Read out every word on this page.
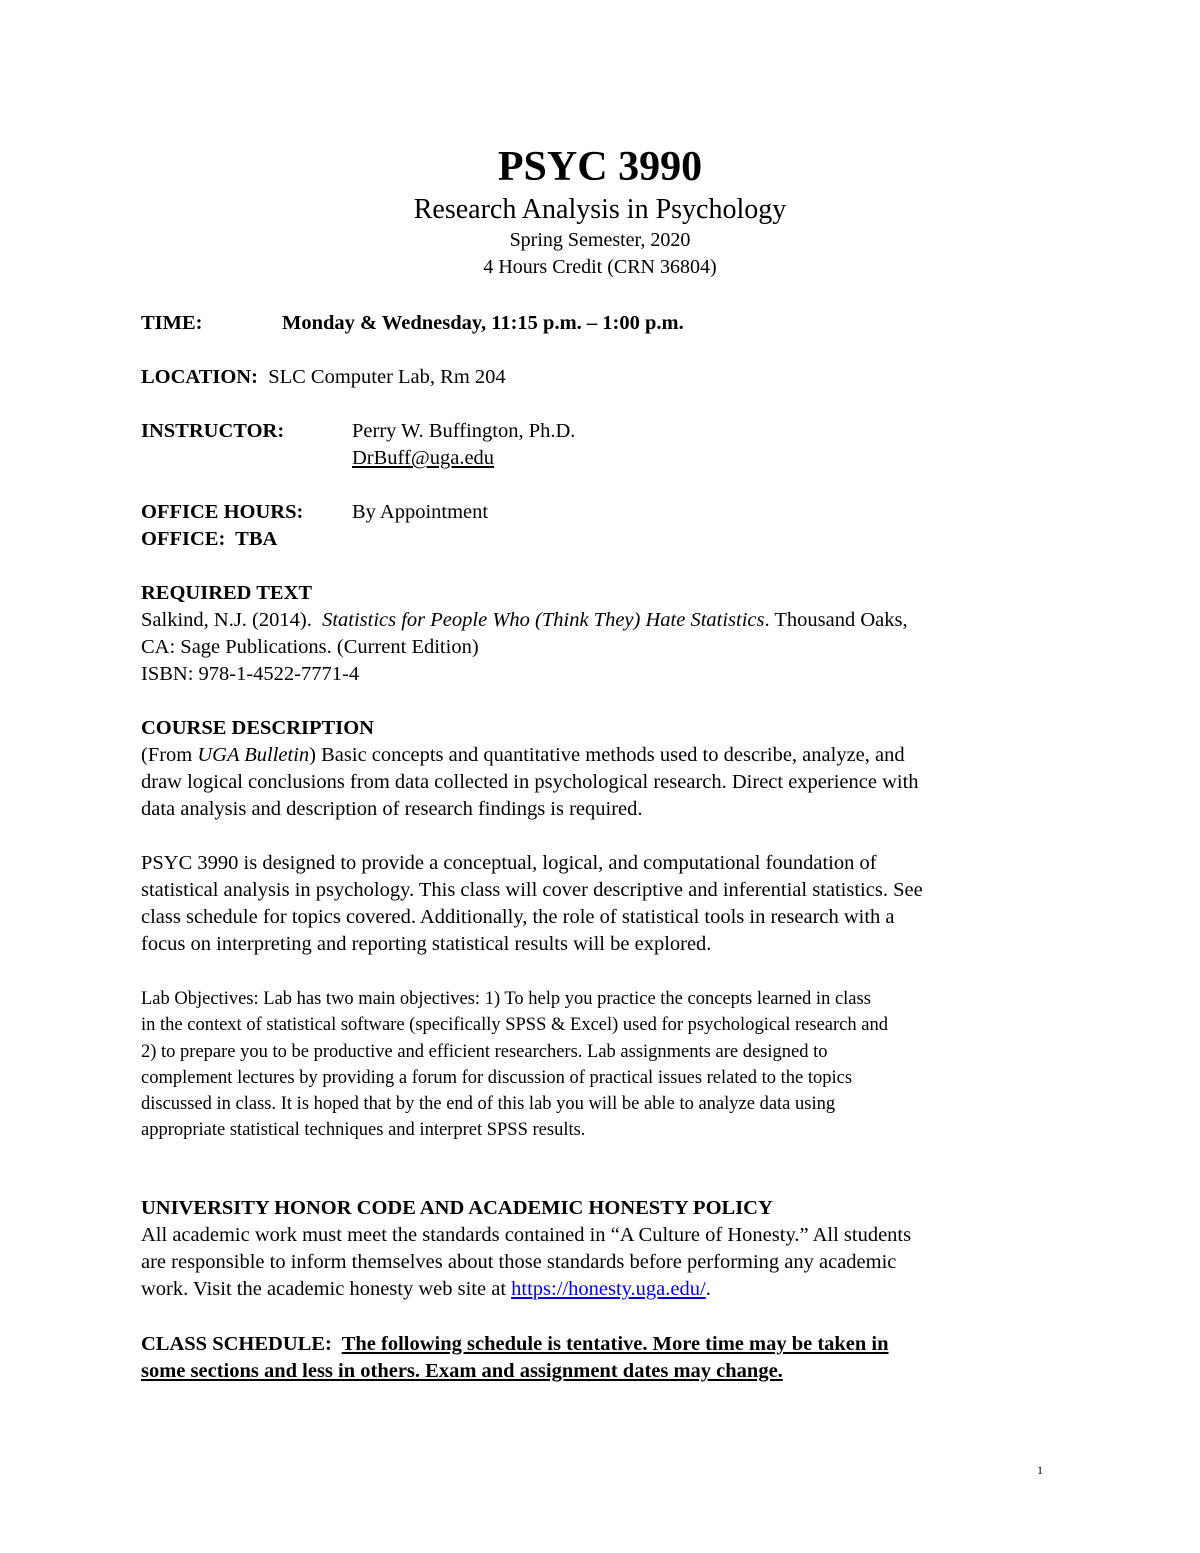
PSYC 3990
Research Analysis in Psychology
Spring Semester, 2020
4 Hours Credit (CRN 36804)
TIME:	Monday & Wednesday, 11:15 p.m. – 1:00 p.m.
LOCATION: SLC Computer Lab, Rm 204
INSTRUCTOR:	Perry W. Buffington, Ph.D.
DrBuff@uga.edu
OFFICE HOURS: By Appointment
OFFICE: TBA
REQUIRED TEXT
Salkind, N.J. (2014). Statistics for People Who (Think They) Hate Statistics. Thousand Oaks,
CA: Sage Publications. (Current Edition)
ISBN: 978-1-4522-7771-4
COURSE DESCRIPTION
(From UGA Bulletin) Basic concepts and quantitative methods used to describe, analyze, and
draw logical conclusions from data collected in psychological research. Direct experience with
data analysis and description of research findings is required.
PSYC 3990 is designed to provide a conceptual, logical, and computational foundation of
statistical analysis in psychology. This class will cover descriptive and inferential statistics. See
class schedule for topics covered. Additionally, the role of statistical tools in research with a
focus on interpreting and reporting statistical results will be explored.
Lab Objectives: Lab has two main objectives: 1) To help you practice the concepts learned in class
in the context of statistical software (specifically SPSS & Excel) used for psychological research and
2) to prepare you to be productive and efficient researchers. Lab assignments are designed to
complement lectures by providing a forum for discussion of practical issues related to the topics
discussed in class. It is hoped that by the end of this lab you will be able to analyze data using
appropriate statistical techniques and interpret SPSS results.
UNIVERSITY HONOR CODE AND ACADEMIC HONESTY POLICY
All academic work must meet the standards contained in “A Culture of Honesty.” All students
are responsible to inform themselves about those standards before performing any academic
work. Visit the academic honesty web site at https://honesty.uga.edu/.
CLASS SCHEDULE: The following schedule is tentative. More time may be taken in
some sections and less in others. Exam and assignment dates may change.
1
